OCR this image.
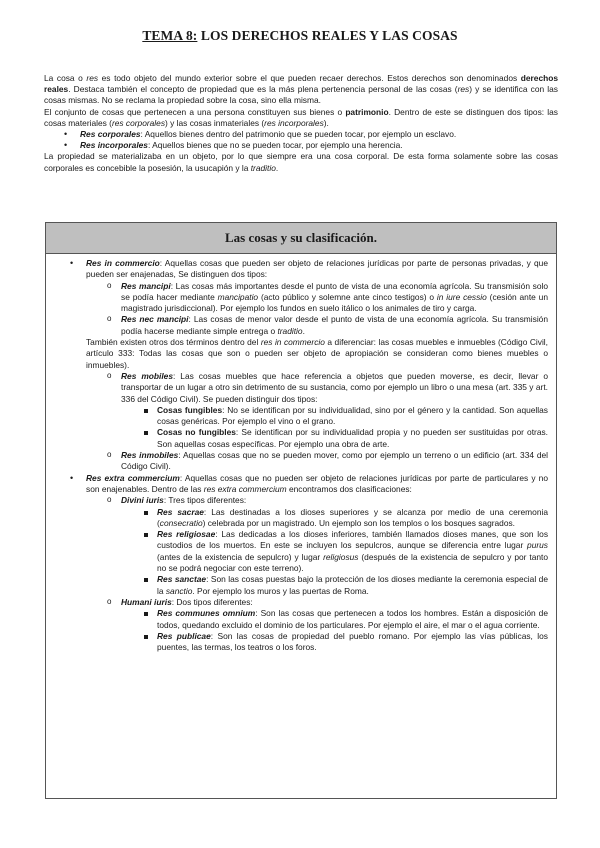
TEMA 8: LOS DERECHOS REALES Y LAS COSAS

La cosa o res es todo objeto del mundo exterior sobre el que pueden recaer derechos. Estos derechos son denominados derechos reales. Destaca también el concepto de propiedad que es la más plena pertenencia personal de las cosas (res) y se identifica con las cosas mismas. No se reclama la propiedad sobre la cosa, sino ella misma.

El conjunto de cosas que pertenecen a una persona constituyen sus bienes o patrimonio. Dentro de este se distinguen dos tipos: las cosas materiales (res corporales) y las cosas inmateriales (res incorporales).

• Res corporales: Aquellos bienes dentro del patrimonio que se pueden tocar, por ejemplo un esclavo.
• Res incorporales: Aquellos bienes que no se pueden tocar, por ejemplo una herencia.

La propiedad se materializaba en un objeto, por lo que siempre era una cosa corporal. De esta forma solamente sobre las cosas corporales es concebible la posesión, la usucapión y la traditio.

Las cosas y su clasificación.
• Res in commercio: Aquellas cosas que pueden ser objeto de relaciones jurídicas por parte de personas privadas, y que pueden ser enajenadas, Se distinguen dos tipos:
o Res mancipi: Las cosas más importantes desde el punto de vista de una economía agrícola. Su transmisión solo se podía hacer mediante mancipatio (acto público y solemne ante cinco testigos) o in iure cessio (cesión ante un magistrado jurisdiccional). Por ejemplo los fundos en suelo itálico o los animales de tiro y carga.
o Res nec mancipi: Las cosas de menor valor desde el punto de vista de una economía agrícola. Su transmisión podía hacerse mediante simple entrega o traditio.
También existen otros dos términos dentro del res in commercio a diferenciar: las cosas muebles e inmuebles (Código Civil, artículo 333: Todas las cosas que son o pueden ser objeto de apropiación se consideran como bienes muebles o inmuebles).
o Res mobiles: Las cosas muebles que hace referencia a objetos que pueden moverse, es decir, llevar o transportar de un lugar a otro sin detrimento de su sustancia, como por ejemplo un libro o una mesa (art. 335 y art. 336 del Código Civil). Se pueden distinguir dos tipos:
Cosas fungibles: No se identifican por su individualidad, sino por el género y la cantidad. Son aquellas cosas genéricas. Por ejemplo el vino o el grano.
Cosas no fungibles: Se identifican por su individualidad propia y no pueden ser sustituidas por otras. Son aquellas cosas específicas. Por ejemplo una obra de arte.
o Res inmobiles: Aquellas cosas que no se pueden mover, como por ejemplo un terreno o un edificio (art. 334 del Código Civil).
• Res extra commercium: Aquellas cosas que no pueden ser objeto de relaciones jurídicas por parte de particulares y no son enajenables. Dentro de las res extra commercium encontramos dos clasificaciones:
o Divini iuris: Tres tipos diferentes:
Res sacrae: Las destinadas a los dioses superiores y se alcanza por medio de una ceremonia (consecratio) celebrada por un magistrado. Un ejemplo son los templos o los bosques sagrados.
Res religiosae: Las dedicadas a los dioses inferiores, también llamados dioses manes, que son los custodios de los muertos. En este se incluyen los sepulcros, aunque se diferencia entre lugar purus (antes de la existencia de sepulcro) y lugar religiosus (después de la existencia de sepulcro y por tanto no se podrá negociar con este terreno).
Res sanctae: Son las cosas puestas bajo la protección de los dioses mediante la ceremonia especial de la sanctio. Por ejemplo los muros y las puertas de Roma.
o Humani iuris: Dos tipos diferentes:
Res communes omnium: Son las cosas que pertenecen a todos los hombres. Están a disposición de todos, quedando excluido el dominio de los particulares. Por ejemplo el aire, el mar o el agua corriente.
Res publicae: Son las cosas de propiedad del pueblo romano. Por ejemplo las vías públicas, los puentes, las termas, los teatros o los foros.
